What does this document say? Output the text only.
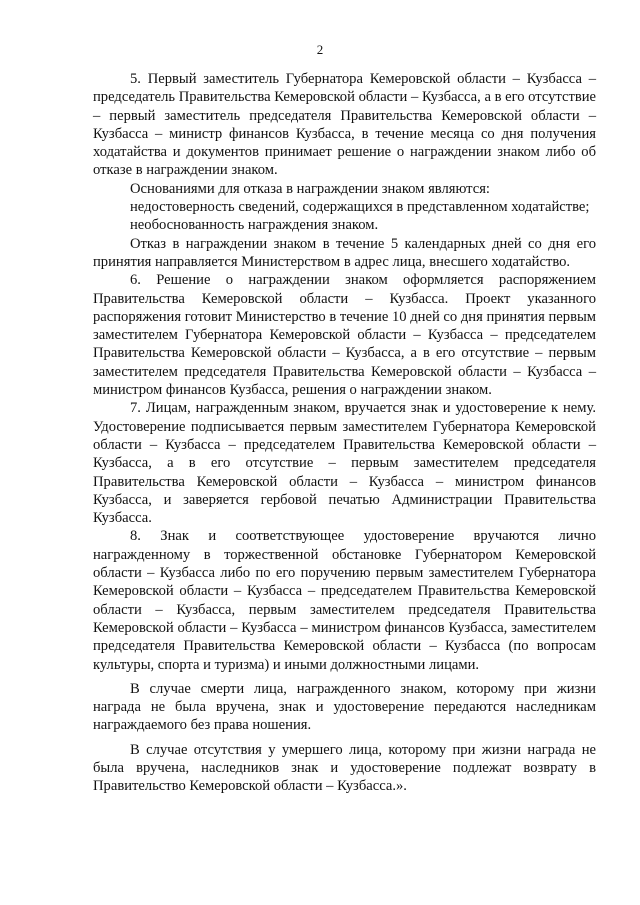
2

5. Первый заместитель Губернатора Кемеровской области – Кузбасса – председатель Правительства Кемеровской области – Кузбасса, а в его отсутствие – первый заместитель председателя Правительства Кемеровской области – Кузбасса – министр финансов Кузбасса, в течение месяца со дня получения ходатайства и документов принимает решение о награждении знаком либо об отказе в награждении знаком.

Основаниями для отказа в награждении знаком являются:

недостоверность сведений, содержащихся в представленном ходатайстве;

необоснованность награждения знаком.

Отказ в награждении знаком в течение 5 календарных дней со дня его принятия направляется Министерством в адрес лица, внесшего ходатайство.

6. Решение о награждении знаком оформляется распоряжением Правительства Кемеровской области – Кузбасса. Проект указанного распоряжения готовит Министерство в течение 10 дней со дня принятия первым заместителем Губернатора Кемеровской области – Кузбасса – председателем Правительства Кемеровской области – Кузбасса, а в его отсутствие – первым заместителем председателя Правительства Кемеровской области – Кузбасса – министром финансов Кузбасса, решения о награждении знаком.

7. Лицам, награжденным знаком, вручается знак и удостоверение к нему. Удостоверение подписывается первым заместителем Губернатора Кемеровской области – Кузбасса – председателем Правительства Кемеровской области – Кузбасса, а в его отсутствие – первым заместителем председателя Правительства Кемеровской области – Кузбасса – министром финансов Кузбасса, и заверяется гербовой печатью Администрации Правительства Кузбасса.

8. Знак и соответствующее удостоверение вручаются лично награжденному в торжественной обстановке Губернатором Кемеровской области – Кузбасса либо по его поручению первым заместителем Губернатора Кемеровской области – Кузбасса – председателем Правительства Кемеровской области – Кузбасса, первым заместителем председателя Правительства Кемеровской области – Кузбасса – министром финансов Кузбасса, заместителем председателя Правительства Кемеровской области – Кузбасса (по вопросам культуры, спорта и туризма) и иными должностными лицами.

В случае смерти лица, награжденного знаком, которому при жизни награда не была вручена, знак и удостоверение передаются наследникам награждаемого без права ношения.

В случае отсутствия у умершего лица, которому при жизни награда не была вручена, наследников знак и удостоверение подлежат возврату в Правительство Кемеровской области – Кузбасса.».
